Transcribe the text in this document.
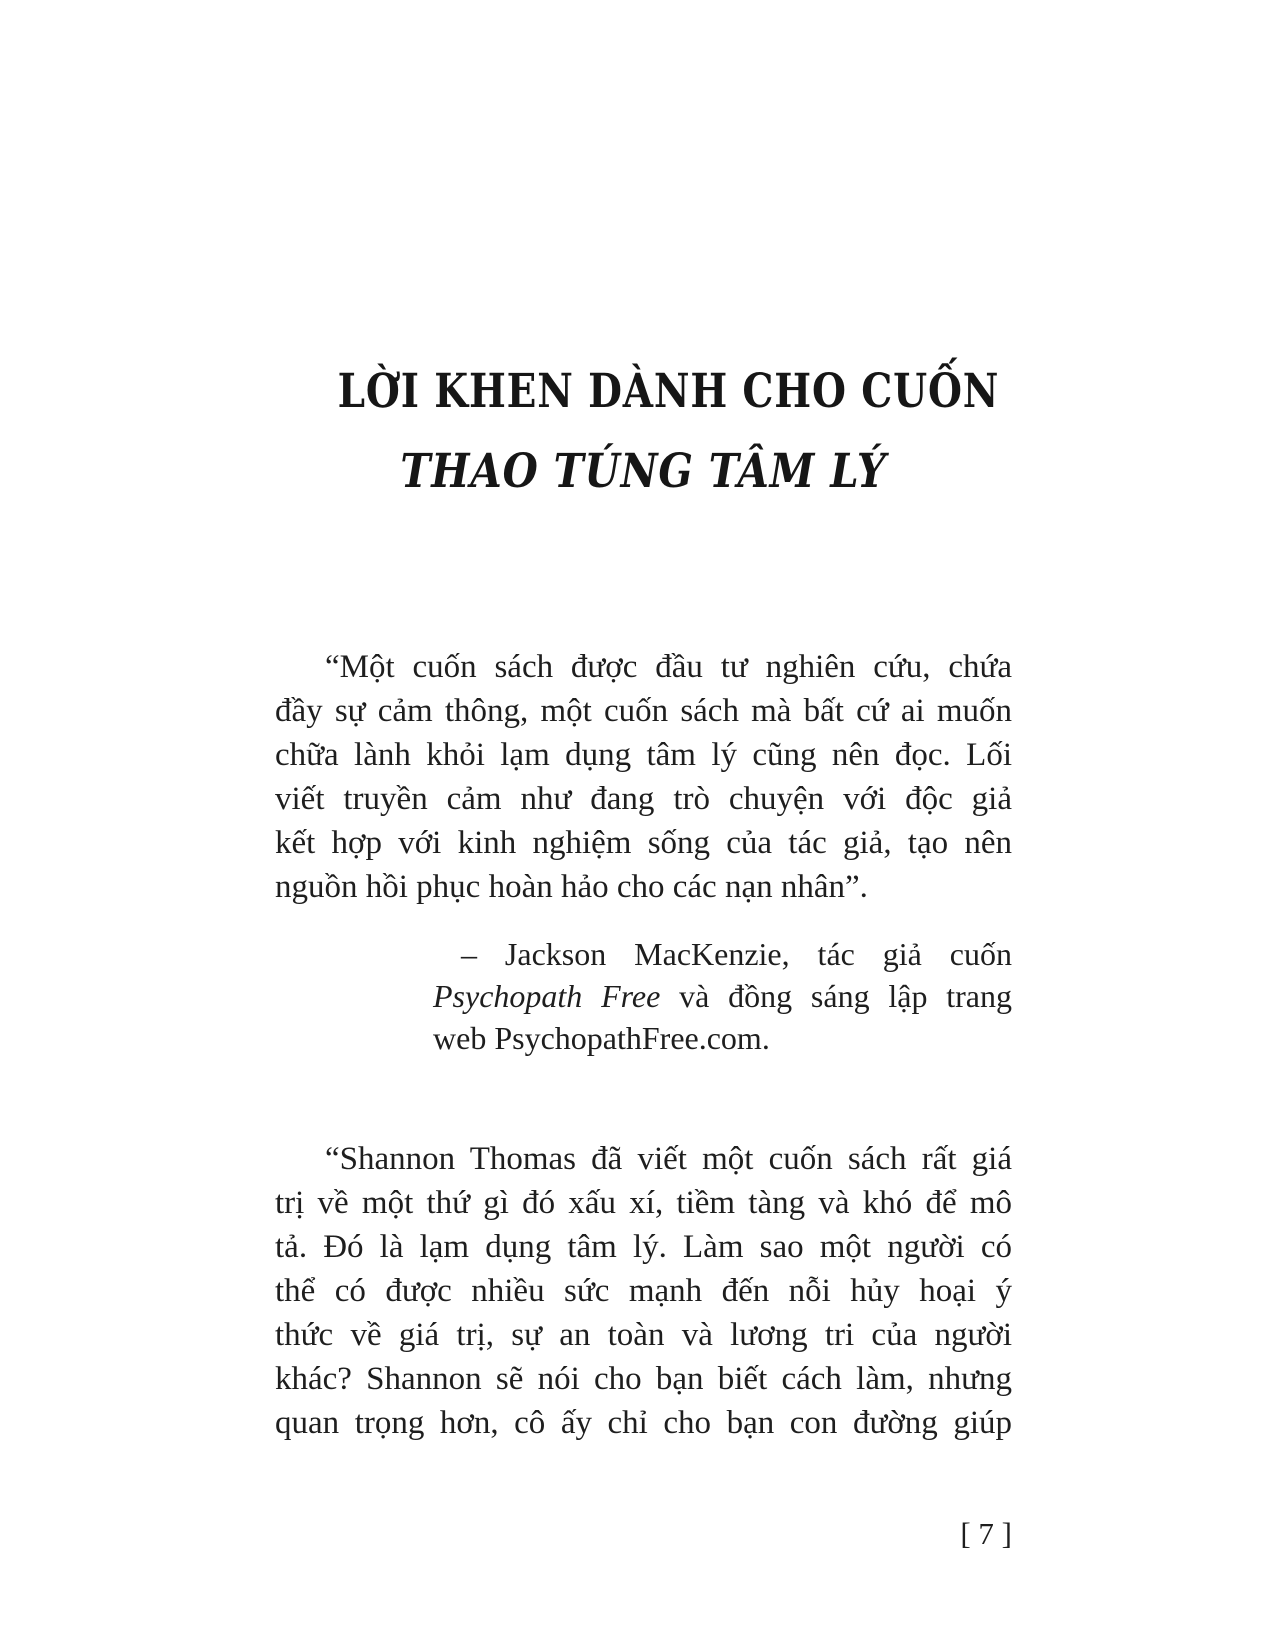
LỜI KHEN DÀNH CHO CUỐN
THAO TÚNG TÂM LÝ
“Một cuốn sách được đầu tư nghiên cứu, chứa
đầy sự cảm thông, một cuốn sách mà bất cứ ai muốn
chữa lành khỏi lạm dụng tâm lý cũng nên đọc. Lối
viết truyền cảm như đang trò chuyện với độc giả
kết hợp với kinh nghiệm sống của tác giả, tạo nên
nguồn hồi phục hoàn hảo cho các nạn nhân”.
– Jackson MacKenzie, tác giả cuốn
Psychopath Free và đồng sáng lập trang
web PsychopathFree.com.
“Shannon Thomas đã viết một cuốn sách rất giá
trị về một thứ gì đó xấu xí, tiềm tàng và khó để mô
tả. Đó là lạm dụng tâm lý. Làm sao một người có
thể có được nhiều sức mạnh đến nỗi hủy hoại ý
thức về giá trị, sự an toàn và lương tri của người
khác? Shannon sẽ nói cho bạn biết cách làm, nhưng
quan trọng hơn, cô ấy chỉ cho bạn con đường giúp
[ 7 ]
